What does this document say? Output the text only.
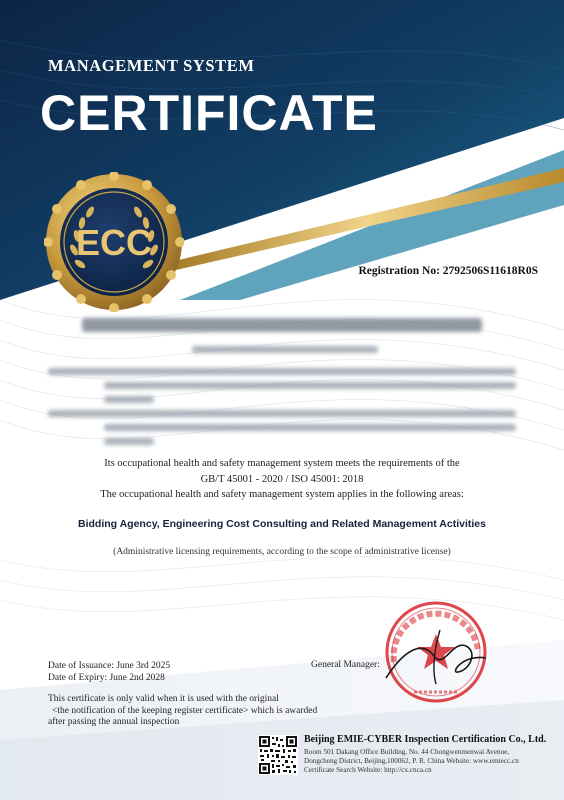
MANAGEMENT SYSTEM
CERTIFICATE
ECC
Registration No: 2792506S11618R0S
Its occupational health and safety management system meets the requirements of the
GB/T 45001 - 2020 / ISO 45001: 2018
The occupational health and safety management system applies in the following areas:
Bidding Agency, Engineering Cost Consulting and Related Management Activities
(Administrative licensing requirements, according to the scope of administrative license)
Date of Issuance: June 3rd 2025
Date of Expiry: June 2nd 2028
General Manager:
This certificate is only valid when it is used with the original
<the notification of the keeping register certificate> which is awarded
after passing the annual inspection
Beijing EMIE-CYBER Inspection Certification Co., Ltd.
Room 501 Dakang Office Building, No. 44 Chongwenmenwai Avenue,
Dongcheng District, Beijing,100062, P. R. China Website: www.emiecc.cn
Certificate Search Website: http://cx.cnca.cn
